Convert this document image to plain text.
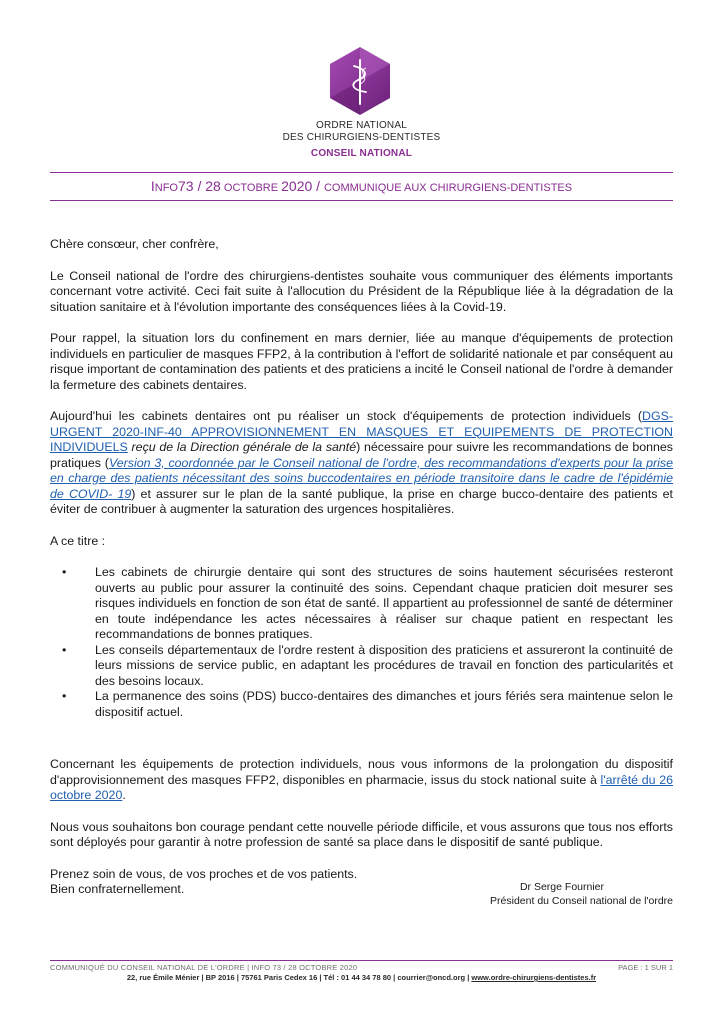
ORDRE NATIONAL
DES CHIRURGIENS-DENTISTES
CONSEIL NATIONAL
INFO73 / 28 OCTOBRE 2020 / COMMUNIQUE AUX CHIRURGIENS-DENTISTES

Chère consœur, cher confrère,

Le Conseil national de l'ordre des chirurgiens-dentistes souhaite vous communiquer des éléments importants concernant votre activité. Ceci fait suite à l'allocution du Président de la République liée à la dégradation de la situation sanitaire et à l'évolution importante des conséquences liées à la Covid-19.

Pour rappel, la situation lors du confinement en mars dernier, liée au manque d'équipements de protection individuels en particulier de masques FFP2, à la contribution à l'effort de solidarité nationale et par conséquent au risque important de contamination des patients et des praticiens a incité le Conseil national de l'ordre à demander la fermeture des cabinets dentaires.

Aujourd'hui les cabinets dentaires ont pu réaliser un stock d'équipements de protection individuels (DGS-URGENT 2020-INF-40 APPROVISIONNEMENT EN MASQUES ET EQUIPEMENTS DE PROTECTION INDIVIDUELS reçu de la Direction générale de la santé) nécessaire pour suivre les recommandations de bonnes pratiques (Version 3, coordonnée par le Conseil national de l'ordre, des recommandations d'experts pour la prise en charge des patients nécessitant des soins buccodentaires en période transitoire dans le cadre de l'épidémie de COVID- 19) et assurer sur le plan de la santé publique, la prise en charge bucco-dentaire des patients et éviter de contribuer à augmenter la saturation des urgences hospitalières.

A ce titre :

• Les cabinets de chirurgie dentaire qui sont des structures de soins hautement sécurisées resteront ouverts au public pour assurer la continuité des soins. Cependant chaque praticien doit mesurer ses risques individuels en fonction de son état de santé. Il appartient au professionnel de santé de déterminer en toute indépendance les actes nécessaires à réaliser sur chaque patient en respectant les recommandations de bonnes pratiques.
• Les conseils départementaux de l'ordre restent à disposition des praticiens et assureront la continuité de leurs missions de service public, en adaptant les procédures de travail en fonction des particularités et des besoins locaux.
• La permanence des soins (PDS) bucco-dentaires des dimanches et jours fériés sera maintenue selon le dispositif actuel.

Concernant les équipements de protection individuels, nous vous informons de la prolongation du dispositif d'approvisionnement des masques FFP2, disponibles en pharmacie, issus du stock national suite à l'arrêté du 26 octobre 2020.

Nous vous souhaitons bon courage pendant cette nouvelle période difficile, et vous assurons que tous nos efforts sont déployés pour garantir à notre profession de santé sa place dans le dispositif de santé publique.

Prenez soin de vous, de vos proches et de vos patients.
Bien confraternellement.	Dr Serge Fournier
Président du Conseil national de l'ordre
COMMUNIQUÉ DU CONSEIL NATIONAL DE L'ORDRE | INFO 73 / 28 OCTOBRE 2020	PAGE : 1 SUR 1
22, rue Émile Ménier | BP 2016 | 75761 Paris Cedex 16 | Tél : 01 44 34 78 80 | courrier@oncd.org | www.ordre-chirurgiens-dentistes.fr
